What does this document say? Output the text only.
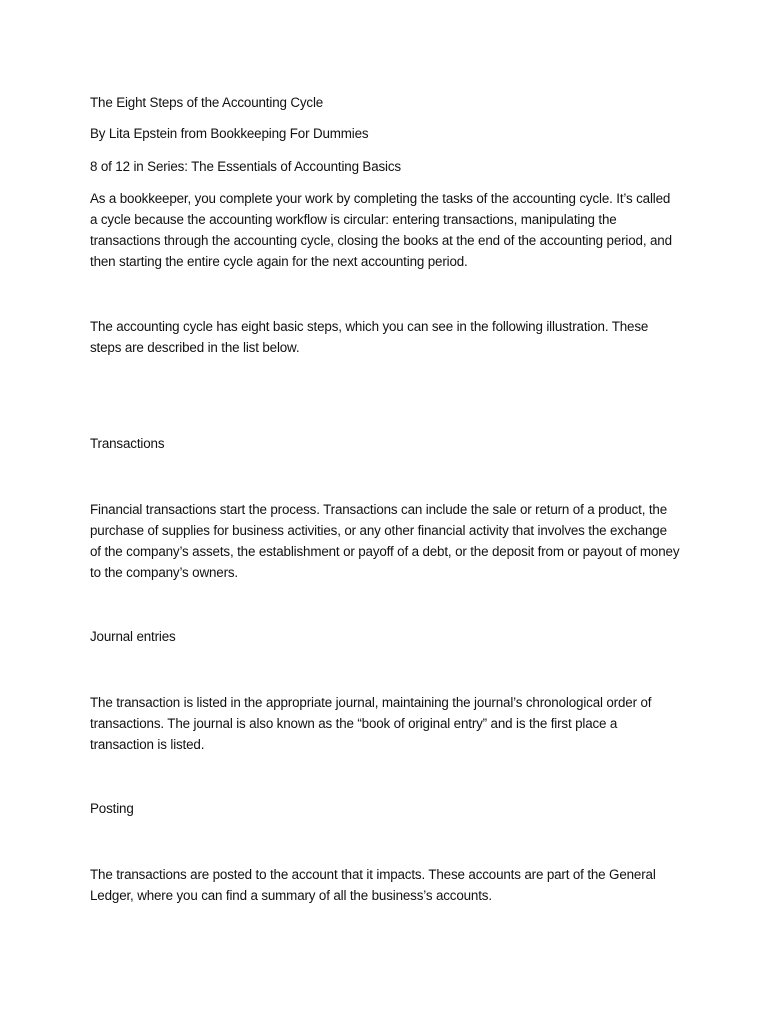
The Eight Steps of the Accounting Cycle

By Lita Epstein from Bookkeeping For Dummies

8 of 12 in Series: The Essentials of Accounting Basics

As a bookkeeper, you complete your work by completing the tasks of the accounting cycle. It’s called a cycle because the accounting workflow is circular: entering transactions, manipulating the transactions through the accounting cycle, closing the books at the end of the accounting period, and then starting the entire cycle again for the next accounting period.

The accounting cycle has eight basic steps, which you can see in the following illustration. These steps are described in the list below.

Transactions

Financial transactions start the process. Transactions can include the sale or return of a product, the purchase of supplies for business activities, or any other financial activity that involves the exchange of the company’s assets, the establishment or payoff of a debt, or the deposit from or payout of money to the company’s owners.

Journal entries

The transaction is listed in the appropriate journal, maintaining the journal’s chronological order of transactions. The journal is also known as the “book of original entry” and is the first place a transaction is listed.

Posting

The transactions are posted to the account that it impacts. These accounts are part of the General Ledger, where you can find a summary of all the business’s accounts.
